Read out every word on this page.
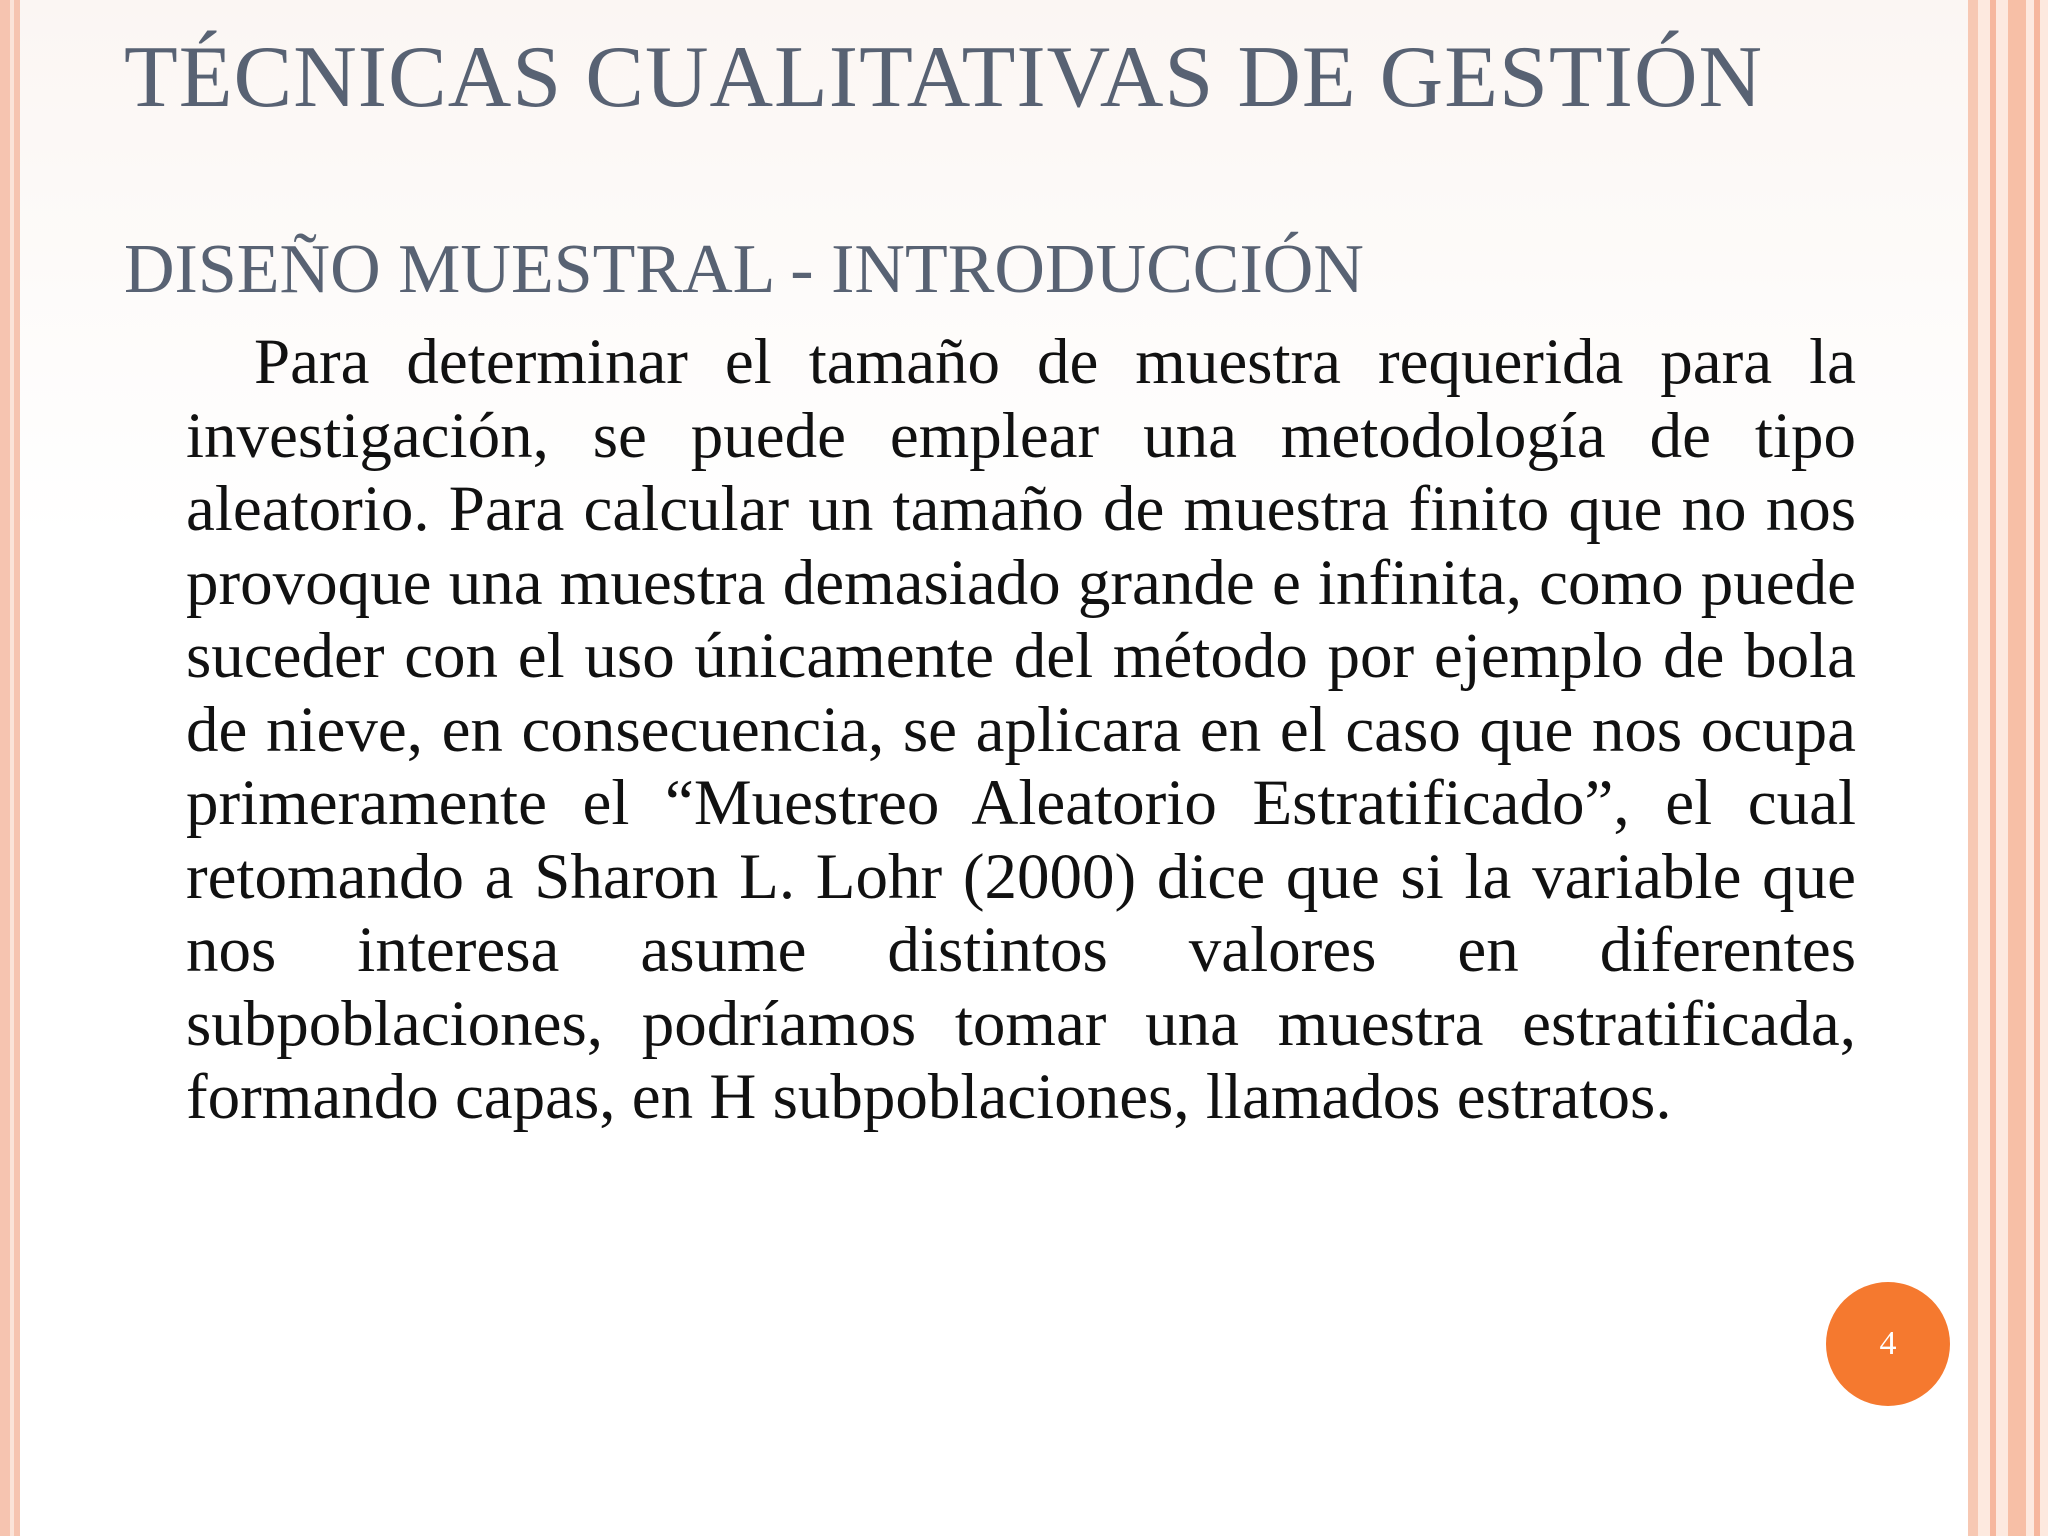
TÉCNICAS CUALITATIVAS DE GESTIÓN
DISEÑO MUESTRAL - INTRODUCCIÓN

Para determinar el tamaño de muestra requerida para la investigación, se puede emplear una metodología de tipo aleatorio. Para calcular un tamaño de muestra finito que no nos provoque una muestra demasiado grande e infinita, como puede suceder con el uso únicamente del método por ejemplo de bola de nieve, en consecuencia, se aplicara en el caso que nos ocupa primeramente el “Muestreo Aleatorio Estratificado”, el cual retomando a Sharon L. Lohr (2000) dice que si la variable que nos interesa asume distintos valores en diferentes subpoblaciones, podríamos tomar una muestra estratificada, formando capas, en H subpoblaciones, llamados estratos.

4
